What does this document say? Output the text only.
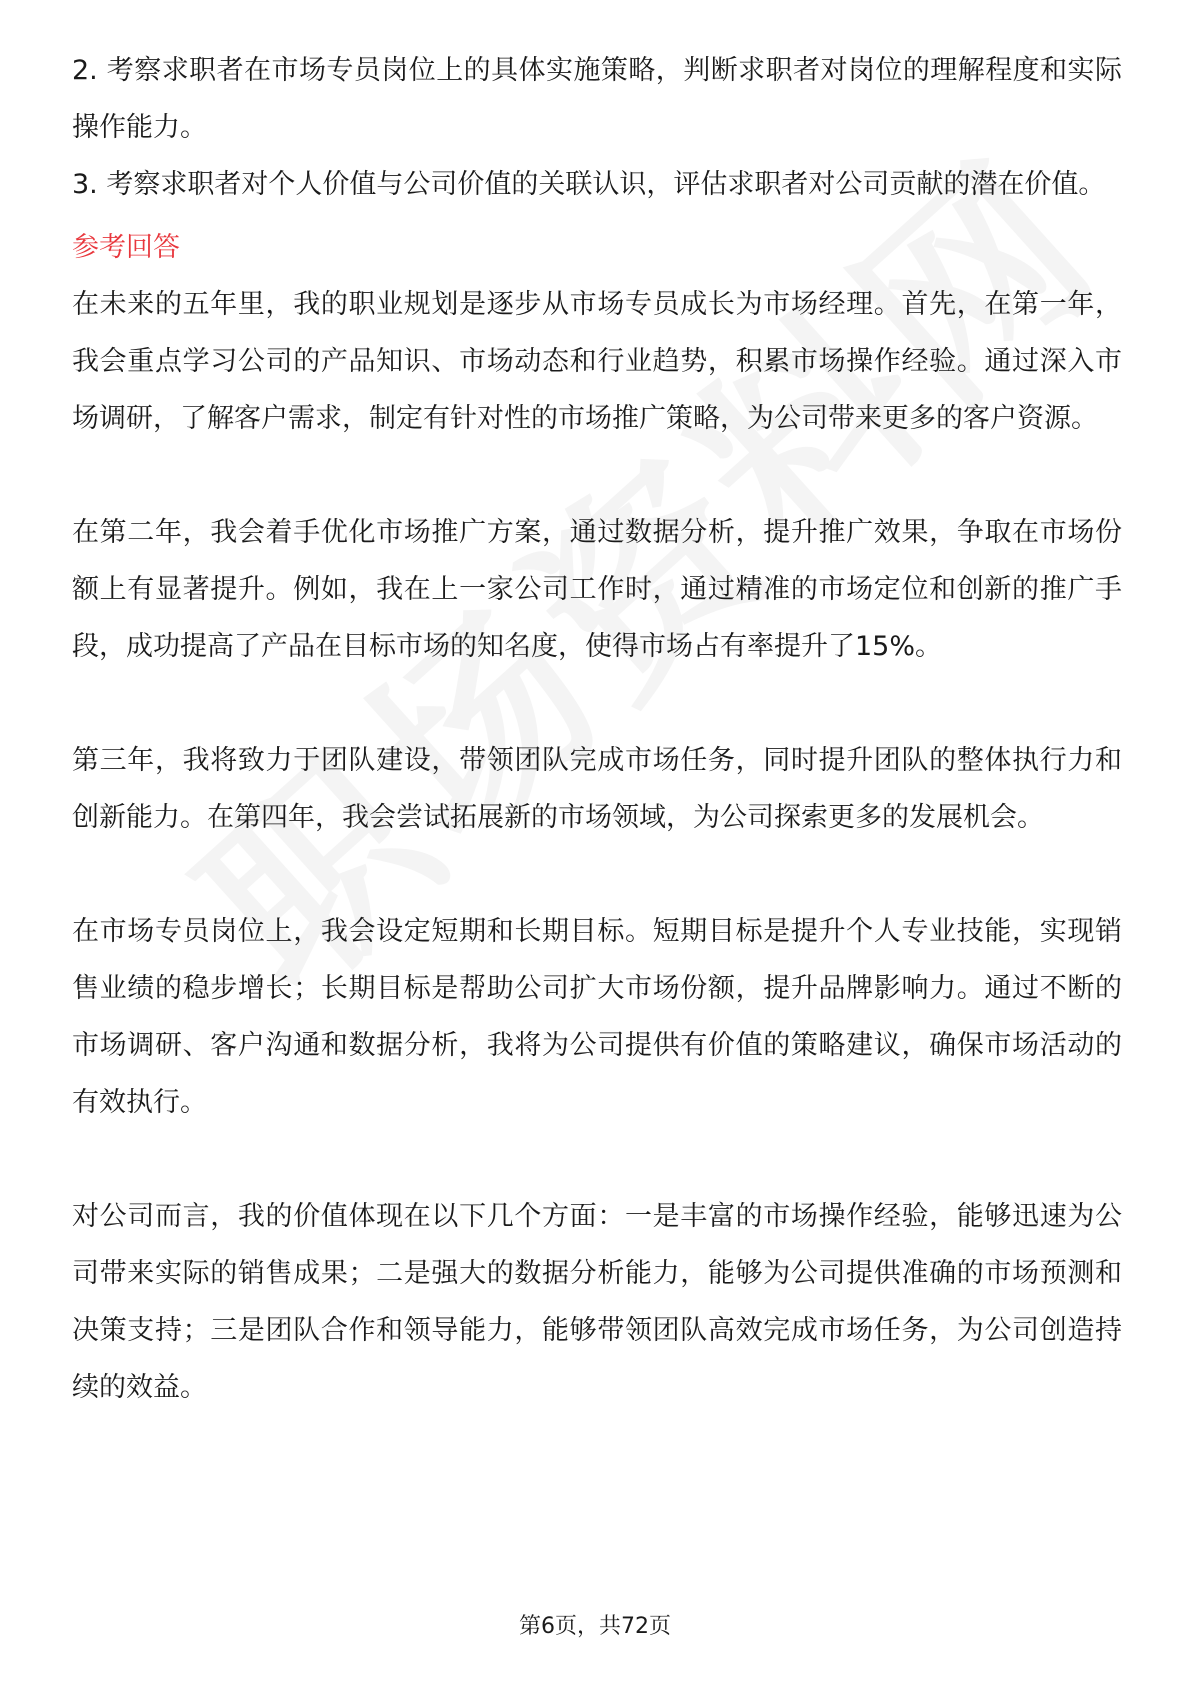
2. 考察求职者在市场专员岗位上的具体实施策略，判断求职者对岗位的理解程度和实际操作能力。

3. 考察求职者对个人价值与公司价值的关联认识，评估求职者对公司贡献的潜在价值。

参考回答

在未来的五年里，我的职业规划是逐步从市场专员成长为市场经理。首先，在第一年，我会重点学习公司的产品知识、市场动态和行业趋势，积累市场操作经验。通过深入市场调研，了解客户需求，制定有针对性的市场推广策略，为公司带来更多的客户资源。

在第二年，我会着手优化市场推广方案，通过数据分析，提升推广效果，争取在市场份额上有显著提升。例如，我在上一家公司工作时，通过精准的市场定位和创新的推广手段，成功提高了产品在目标市场的知名度，使得市场占有率提升了15%。

第三年，我将致力于团队建设，带领团队完成市场任务，同时提升团队的整体执行力和创新能力。在第四年，我会尝试拓展新的市场领域，为公司探索更多的发展机会。

在市场专员岗位上，我会设定短期和长期目标。短期目标是提升个人专业技能，实现销售业绩的稳步增长；长期目标是帮助公司扩大市场份额，提升品牌影响力。通过不断的市场调研、客户沟通和数据分析，我将为公司提供有价值的策略建议，确保市场活动的有效执行。

对公司而言，我的价值体现在以下几个方面：一是丰富的市场操作经验，能够迅速为公司带来实际的销售成果；二是强大的数据分析能力，能够为公司提供准确的市场预测和决策支持；三是团队合作和领导能力，能够带领团队高效完成市场任务，为公司创造持续的效益。

第6页，共72页
